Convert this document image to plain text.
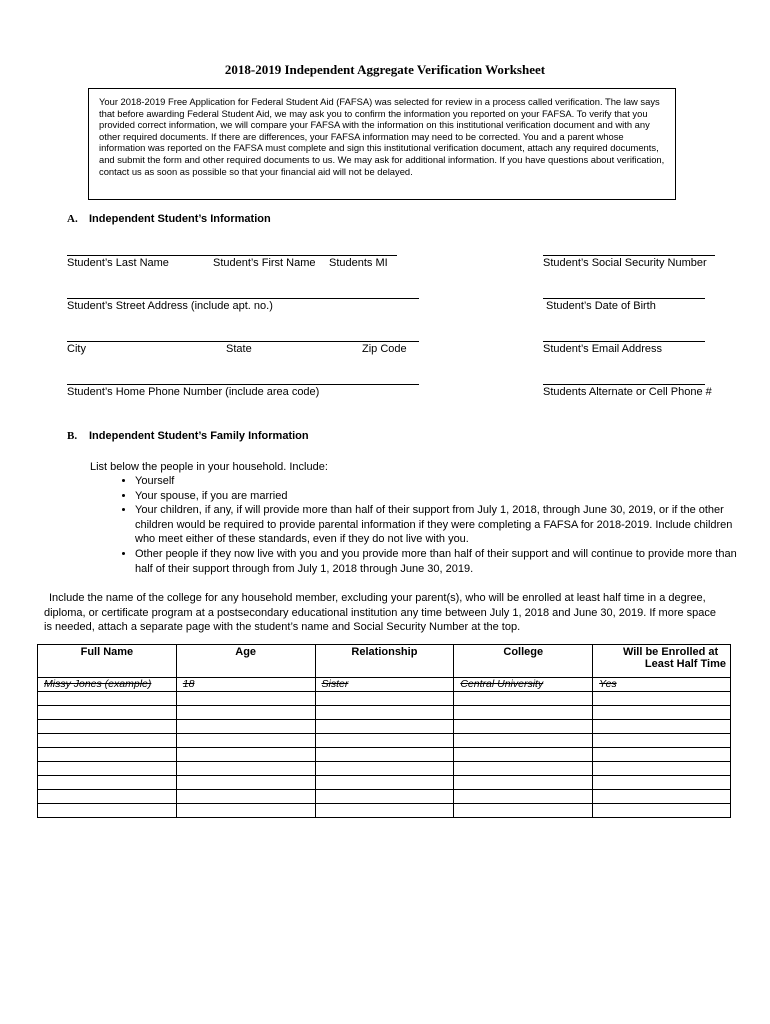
2018-2019 Independent Aggregate Verification Worksheet
Your 2018-2019 Free Application for Federal Student Aid (FAFSA) was selected for review in a process called verification. The law says that before awarding Federal Student Aid, we may ask you to confirm the information you reported on your FAFSA. To verify that you provided correct information, we will compare your FAFSA with the information on this institutional verification document and with any other required documents. If there are differences, your FAFSA information may need to be corrected. You and a parent whose information was reported on the FAFSA must complete and sign this institutional verification document, attach any required documents, and submit the form and other required documents to us. We may ask for additional information. If you have questions about verification, contact us as soon as possible so that your financial aid will not be delayed.
A. Independent Student’s Information
Student’s Last Name	Student’s First Name Students MI	Student’s Social Security Number
Student’s Street Address (include apt. no.)	Student’s Date of Birth
City	State	Zip Code	Student’s Email Address
Student’s Home Phone Number (include area code)	Students Alternate or Cell Phone #
B. Independent Student’s Family Information
List below the people in your household. Include:
• Yourself
• Your spouse, if you are married
• Your children, if any, if will provide more than half of their support from July 1, 2018, through June 30, 2019, or if the other children would be required to provide parental information if they were completing a FAFSA for 2018-2019. Include children who meet either of these standards, even if they do not live with you.
• Other people if they now live with you and you provide more than half of their support and will continue to provide more than half of their support through from July 1, 2018 through June 30, 2019.
Include the name of the college for any household member, excluding your parent(s), who will be enrolled at least half time in a degree, diploma, or certificate program at a postsecondary educational institution any time between July 1, 2018 and June 30, 2019. If more space is needed, attach a separate page with the student’s name and Social Security Number at the top.
Full Name	Age	Relationship	College	Will be Enrolled at
Least Half Time

Missy Jones (example)	18	Sister	Central University	Yes
